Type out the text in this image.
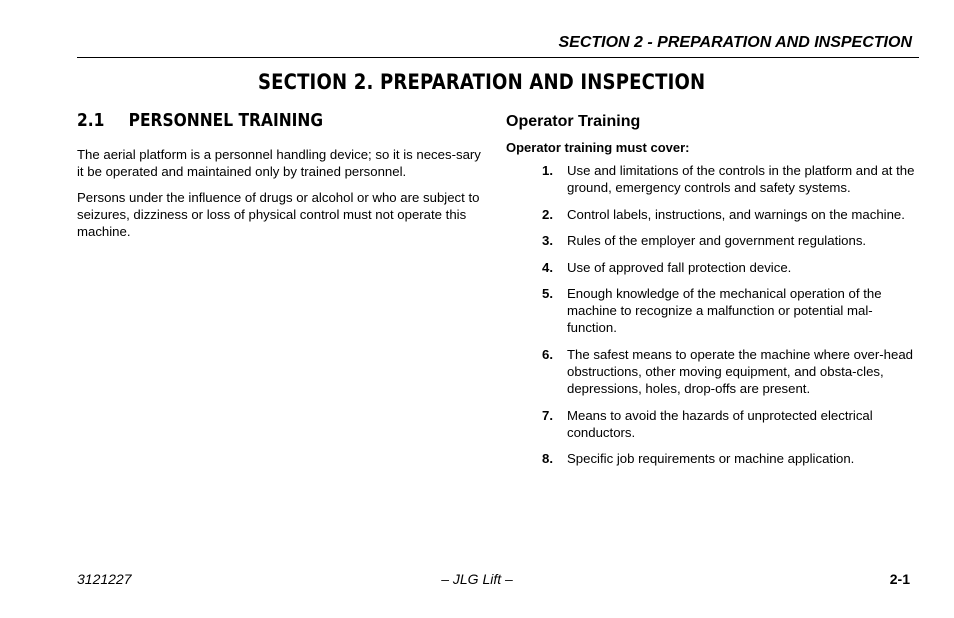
SECTION 2 - PREPARATION AND INSPECTION
SECTION 2. PREPARATION AND INSPECTION
2.1 PERSONNEL TRAINING

The aerial platform is a personnel handling device; so it is neces-sary it be operated and maintained only by trained personnel.

Persons under the influence of drugs or alcohol or who are subject to seizures, dizziness or loss of physical control must not operate this machine.

Operator Training
Operator training must cover:
1. Use and limitations of the controls in the platform and at the ground, emergency controls and safety systems.
2. Control labels, instructions, and warnings on the machine.
3. Rules of the employer and government regulations.
4. Use of approved fall protection device.
5. Enough knowledge of the mechanical operation of the machine to recognize a malfunction or potential mal-function.
6. The safest means to operate the machine where over-head obstructions, other moving equipment, and obsta-cles, depressions, holes, drop-offs are present.
7. Means to avoid the hazards of unprotected electrical conductors.
8. Specific job requirements or machine application.
3121227	– JLG Lift –	2-1
